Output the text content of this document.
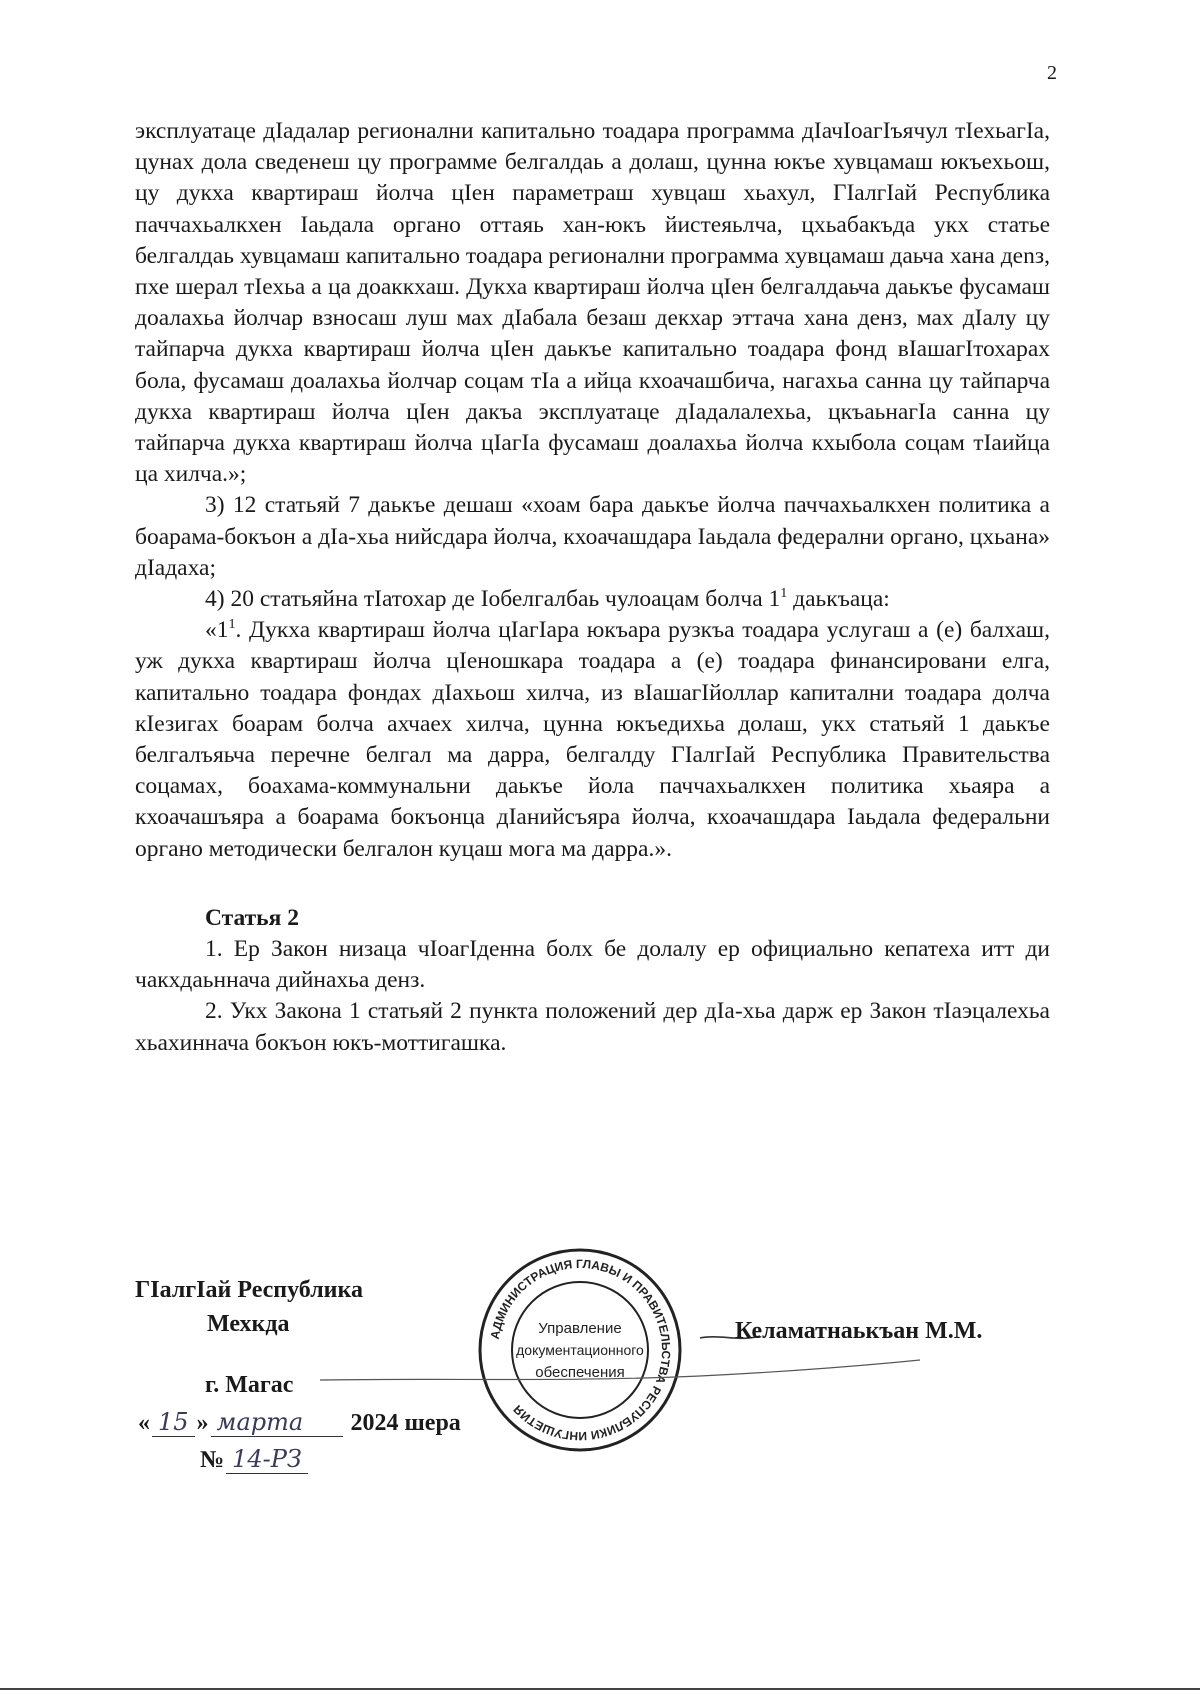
2

эксплуатаце дIадалар регионални капитально тоадара программа дIачIоагIъячул тIехьагIа, цунах дола сведенеш цу программе белгалдаь а долаш, цунна юкъе хувцамаш юкъехьош, цу дукха квартираш йолча цIен параметраш хувцаш хьахул, ГIалгIай Республика паччахьалкхен Iаьдала органо оттаяь хан-юкъ йистеяьлча, цхьабакъда укх статье белгалдаь хувцамаш капитально тоадара регионални программа хувцамаш даьча хана дenз, пхе шерал тIехьа а ца доаккхаш. Дукха квартираш йолча цIен белгалдаьча даькъе фусамаш доалахьа йолчар взносаш луш мах дIабала безаш декхар эттача хана денз, мах дIалу цу тайпарча дукха квартираш йолча цIен даькъе капитально тоадара фонд вIашагIтохарах бола, фусамаш доалахьа йолчар соцам тIа а ийца кхоачашбича, нагахьа санна цу тайпарча дукха квартираш йолча цIен дакъа эксплуатаце дIадалалехьа, цкъаьнагIа санна цу тайпарча дукха квартираш йолча цIагIа фусамаш доалахьа йолча кхыбола соцам тIаийца ца хилча.»;

3) 12 статьяй 7 даькъе дешаш «хоам бара даькъе йолча паччахьалкхен политика а боарама-бокъон а дIа-хьа нийсдара йолча, кхоачашдара Iаьдала федерални органо, цхьана» дIадаха;

4) 20 статьяйна тIатохар де Iобелгалбаь чулоацам болча $1^1$ даькъаца:

«$1^1$. Дукха квартираш йолча цIагIара юкъара рузкъа тоадара услугаш а (е) балхаш, уж дукха квартираш йолча цIеношкара тоадара а (е) тоадара финансировани елга, капитально тоадара фондах дIахьош хилча, из вIашагIйоллар капитални тоадара долча кIезигах боарам болча ахчаех хилча, цунна юкъедихьа долаш, укх статьяй 1 даькъе белгалъяьча перечне белгал ма дарра, белгалду ГIалгIай Республика Правительства соцамах, боахама-коммунальни даькъе йола паччахьалкхен политика хьаяра а кхоачашъяра а боарама бокъонца дIанийсъяра йолча, кхоачашдара Iаьдала федеральни органо методически белгалон куцаш мога ма дарра.».

Статья 2

1. Ер Закон низаца чIоагIденна болх бе долалу ер официально кепатеха итт ди чакхдаьннача дийнахьа денз.

2. Укх Закона 1 статьяй 2 пункта положений дер дIа-хьа дарж ер Закон тIаэцалехьа хьахиннача бокъон юкъ-моттигашка.

ГIалгIай Республика
Мехкда
г. Магас
« 15 » марта 2024 шера
№ 14-РЗ
АДМИНИСТРАЦИЯ ГЛАВЫ И ПРАВИТЕЛЬСТВА РЕСПУБЛИКИ ИНГУШЕТИЯ
Управление
документационного
обеспечения
Келаматнаькъан М.М.
